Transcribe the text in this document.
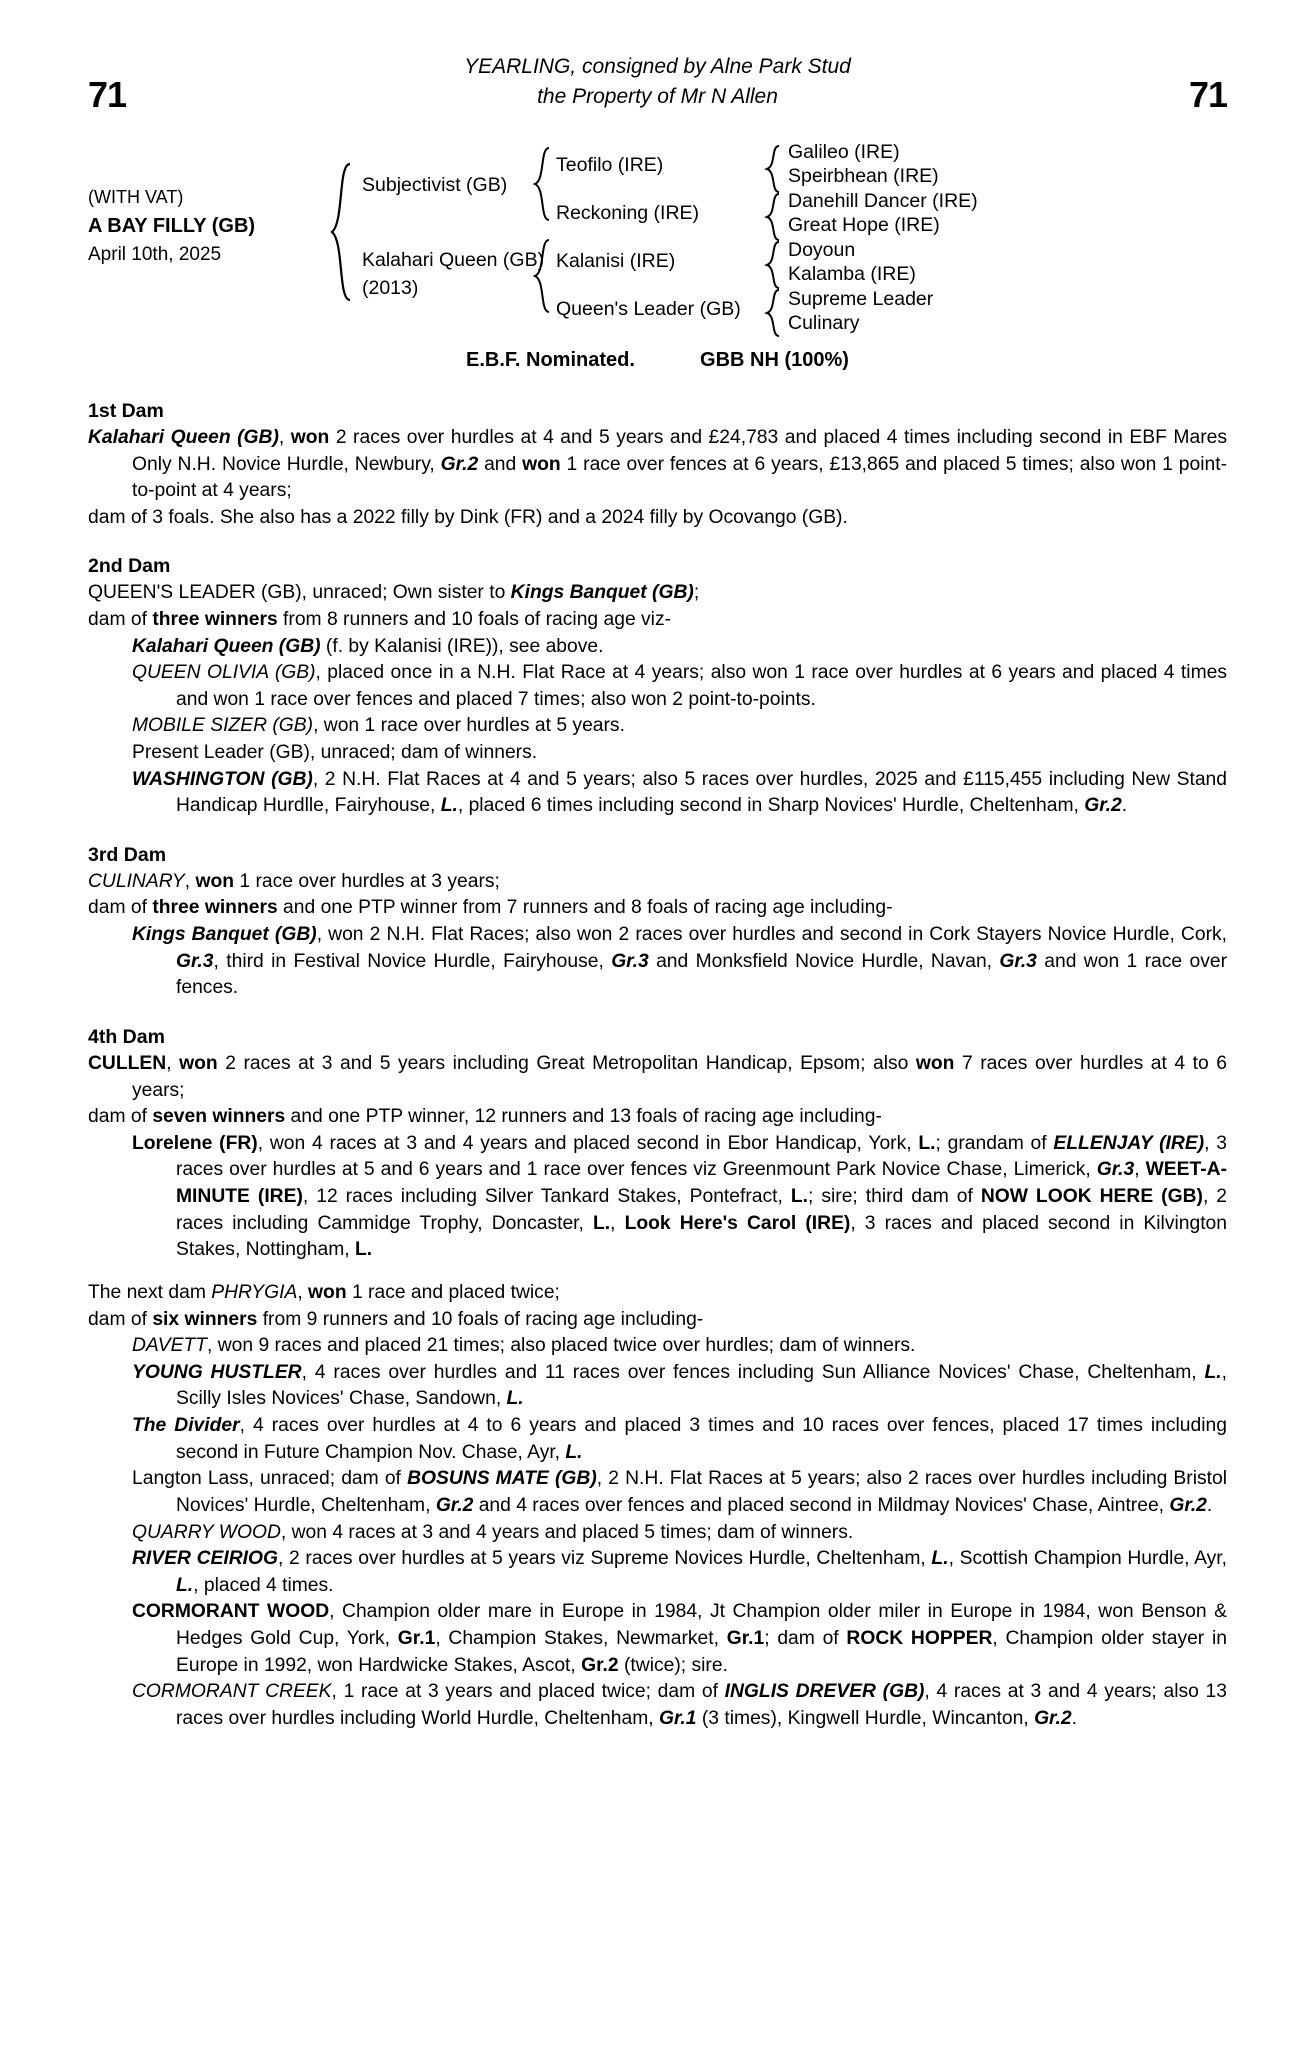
71	71
YEARLING, consigned by Alne Park Stud
the Property of Mr N Allen
(WITH VAT)
A BAY FILLY (GB)
April 10th, 2025
Subjectivist (GB)
Kalahari Queen (GB)
(2013)
Teofilo (IRE)
Reckoning (IRE)
Kalanisi (IRE)
Queen's Leader (GB)
Galileo (IRE)
Speirbhean (IRE)
Danehill Dancer (IRE)
Great Hope (IRE)
Doyoun
Kalamba (IRE)
Supreme Leader
Culinary
E.B.F. Nominated.	GBB NH (100%)
1st Dam

Kalahari Queen (GB), won 2 races over hurdles at 4 and 5 years and £24,783 and placed 4 times including second in EBF Mares Only N.H. Novice Hurdle, Newbury, Gr.2 and won 1 race over fences at 6 years, £13,865 and placed 5 times; also won 1 point-to-point at 4 years;

dam of 3 foals. She also has a 2022 filly by Dink (FR) and a 2024 filly by Ocovango (GB).

2nd Dam

QUEEN'S LEADER (GB), unraced; Own sister to Kings Banquet (GB);

dam of three winners from 8 runners and 10 foals of racing age viz-

Kalahari Queen (GB) (f. by Kalanisi (IRE)), see above.

QUEEN OLIVIA (GB), placed once in a N.H. Flat Race at 4 years; also won 1 race over hurdles at 6 years and placed 4 times and won 1 race over fences and placed 7 times; also won 2 point-to-points.

MOBILE SIZER (GB), won 1 race over hurdles at 5 years.

Present Leader (GB), unraced; dam of winners.

WASHINGTON (GB), 2 N.H. Flat Races at 4 and 5 years; also 5 races over hurdles, 2025 and £115,455 including New Stand Handicap Hurdlle, Fairyhouse, L., placed 6 times including second in Sharp Novices' Hurdle, Cheltenham, Gr.2.

3rd Dam

CULINARY, won 1 race over hurdles at 3 years;

dam of three winners and one PTP winner from 7 runners and 8 foals of racing age including-

Kings Banquet (GB), won 2 N.H. Flat Races; also won 2 races over hurdles and second in Cork Stayers Novice Hurdle, Cork, Gr.3, third in Festival Novice Hurdle, Fairyhouse, Gr.3 and Monksfield Novice Hurdle, Navan, Gr.3 and won 1 race over fences.

4th Dam

CULLEN, won 2 races at 3 and 5 years including Great Metropolitan Handicap, Epsom; also won 7 races over hurdles at 4 to 6 years;

dam of seven winners and one PTP winner, 12 runners and 13 foals of racing age including-

Lorelene (FR), won 4 races at 3 and 4 years and placed second in Ebor Handicap, York, L.; grandam of ELLENJAY (IRE), 3 races over hurdles at 5 and 6 years and 1 race over fences viz Greenmount Park Novice Chase, Limerick, Gr.3, WEET-A-MINUTE (IRE), 12 races including Silver Tankard Stakes, Pontefract, L.; sire; third dam of NOW LOOK HERE (GB), 2 races including Cammidge Trophy, Doncaster, L., Look Here's Carol (IRE), 3 races and placed second in Kilvington Stakes, Nottingham, L.

The next dam PHRYGIA, won 1 race and placed twice;

dam of six winners from 9 runners and 10 foals of racing age including-

DAVETT, won 9 races and placed 21 times; also placed twice over hurdles; dam of winners.

YOUNG HUSTLER, 4 races over hurdles and 11 races over fences including Sun Alliance Novices' Chase, Cheltenham, L., Scilly Isles Novices' Chase, Sandown, L.

The Divider, 4 races over hurdles at 4 to 6 years and placed 3 times and 10 races over fences, placed 17 times including second in Future Champion Nov. Chase, Ayr, L.

Langton Lass, unraced; dam of BOSUNS MATE (GB), 2 N.H. Flat Races at 5 years; also 2 races over hurdles including Bristol Novices' Hurdle, Cheltenham, Gr.2 and 4 races over fences and placed second in Mildmay Novices' Chase, Aintree, Gr.2.

QUARRY WOOD, won 4 races at 3 and 4 years and placed 5 times; dam of winners.

RIVER CEIRIOG, 2 races over hurdles at 5 years viz Supreme Novices Hurdle, Cheltenham, L., Scottish Champion Hurdle, Ayr, L., placed 4 times.

CORMORANT WOOD, Champion older mare in Europe in 1984, Jt Champion older miler in Europe in 1984, won Benson & Hedges Gold Cup, York, Gr.1, Champion Stakes, Newmarket, Gr.1; dam of ROCK HOPPER, Champion older stayer in Europe in 1992, won Hardwicke Stakes, Ascot, Gr.2 (twice); sire.

CORMORANT CREEK, 1 race at 3 years and placed twice; dam of INGLIS DREVER (GB), 4 races at 3 and 4 years; also 13 races over hurdles including World Hurdle, Cheltenham, Gr.1 (3 times), Kingwell Hurdle, Wincanton, Gr.2.
